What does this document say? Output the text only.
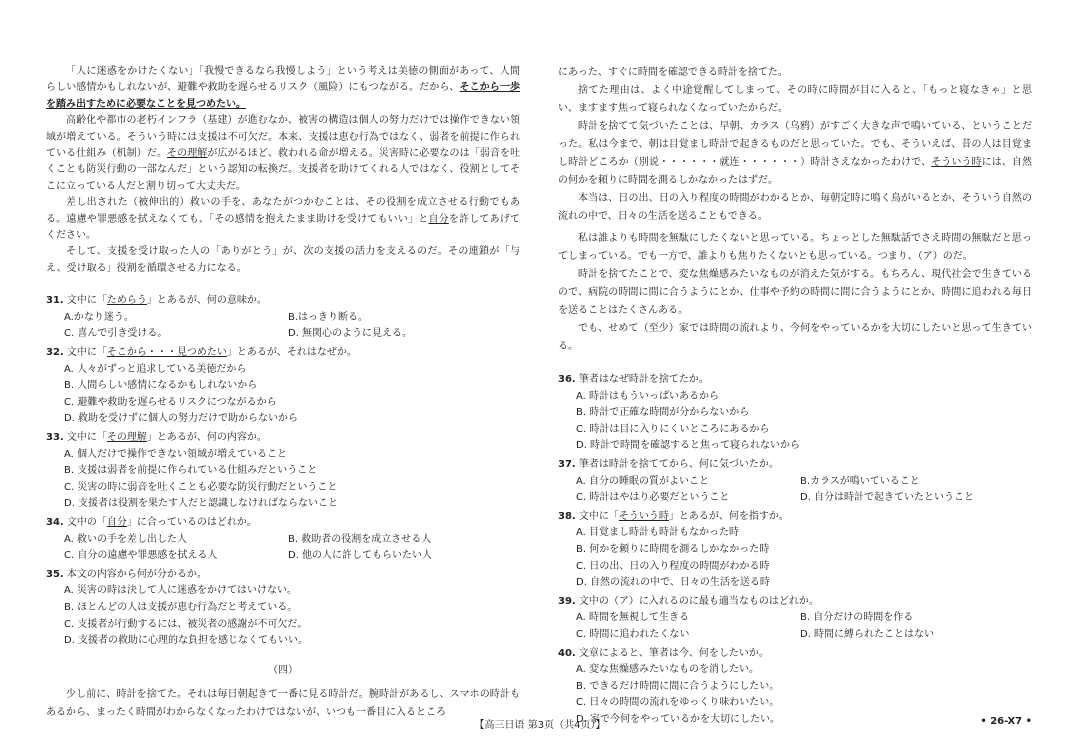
「人に迷惑をかけたくない」「我慢できるなら我慢しよう」という考えは美徳の側面があって、人間らしい感情かもしれないが、避難や救助を遅らせるリスク（風险）にもつながる。だから、そこから一歩を踏み出すために必要なことを見つめたい。

高齢化や都市の老朽インフラ（基建）が進むなか、被害の構造は個人の努力だけでは操作できない領域が増えている。そういう時には支援は不可欠だ。本来、支援は恵む行為ではなく、弱者を前提に作られている仕組み（机制）だ。その理解が広がるほど、救われる命が増える。災害時に必要なのは「弱音を吐くことも防災行動の一部なんだ」という認知の転換だ。支援者を助けてくれる人ではなく、役割としてそこに立っている人だと割り切って大丈夫だ。

差し出された（被伸出的）救いの手を、あなたがつかむことは、その役割を成立させる行動でもある。遠慮や罪悪感を拭えなくても、「その感情を抱えたまま助けを受けてもいい」と自分を許してあげてください。

そして、支援を受け取った人の「ありがとう」が、次の支援の活力を支えるのだ。その連鎖が「与え、受け取る」役割を循環させる力になる。

31. 文中に「ためらう」とあるが、何の意味か。
A.かなり迷う。	B.はっきり断る。
C. 喜んで引き受ける。	D. 無関心のように見える。
32. 文中に「そこから・・・見つめたい」とあるが、それはなぜか。
A. 人々がずっと追求している美徳だから
B. 人間らしい感情になるかもしれないから
C. 避難や救助を遅らせるリスクにつながるから
D. 救助を受けずに個人の努力だけで助からないから
33. 文中に「その理解」とあるが、何の内容か。
A. 個人だけで操作できない領域が増えていること
B. 支援は弱者を前提に作られている仕組みだということ
C. 災害の時に弱音を吐くことも必要な防災行動だということ
D. 支援者は役割を果たす人だと認識しなければならないこと
34. 文中の「自分」に合っているのはどれか。
A. 救いの手を差し出した人	B. 救助者の役割を成立させる人
C. 自分の遠慮や罪悪感を拭える人	D. 他の人に許してもらいたい人
35. 本文の内容から何が分かるか。
A. 災害の時は決して人に迷惑をかけてはいけない。
B. ほとんどの人は支援が恵む行為だと考えている。
C. 支援者が行動するには、被災者の感謝が不可欠だ。
D. 支援者の救助に心理的な負担を感じなくてもいい。
（四）

少し前に、時計を捨てた。それは毎日朝起きて一番に見る時計だ。腕時計があるし、スマホの時計もあるから、まったく時間がわからなくなったわけではないが、いつも一番目に入るところ

にあった、すぐに時間を確認できる時計を捨てた。

捨てた理由は、よく中途覚醒してしまって、その時に時間が目に入ると、「もっと寝なきゃ」と思い、ますます焦って寝られなくなっていたからだ。

時計を捨てて気づいたことは、早朝、カラス（乌鸦）がすごく大きな声で鳴いている、ということだった。私は今まで、朝は目覚まし時計で起きるものだと思っていた。でも、そういえば、昔の人は目覚まし時計どころか（別说・・・・・・就连・・・・・・）時計さえなかったわけで、そういう時には、自然の何かを頼りに時間を測るしかなかったはずだ。

本当は、日の出、日の入り程度の時間がわかるとか、毎朝定時に鳴く鳥がいるとか、そういう自然の流れの中で、日々の生活を送ることもできる。

私は誰よりも時間を無駄にしたくないと思っている。ちょっとした無駄話でさえ時間の無駄だと思ってしまっている。でも一方で、誰よりも焦りたくないとも思っている。つまり、（ア）のだ。

時計を捨てたことで、変な焦燥感みたいなものが消えた気がする。もちろん、現代社会で生きているので、病院の時間に間に合うようにとか、仕事や予約の時間に間に合うようにとか、時間に追われる毎日を送ることはたくさんある。

でも、せめて（至少）家では時間の流れより、今何をやっているかを大切にしたいと思って生きている。

36. 筆者はなぜ時計を捨てたか。
A. 時計はもういっぱいあるから
B. 時計で正確な時間が分からないから
C. 時計は目に入りにくいところにあるから
D. 時計で時間を確認すると焦って寝られないから
37. 筆者は時計を捨ててから、何に気づいたか。
A. 自分の睡眠の質がよいこと	B.カラスが鳴いていること
C. 時計はやはり必要だということ	D. 自分は時計で起きていたということ
38. 文中に「そういう時」とあるが、何を指すか。
A. 目覚まし時計も時計もなかった時
B. 何かを頼りに時間を測るしかなかった時
C. 日の出、日の入り程度の時間がわかる時
D. 自然の流れの中で、日々の生活を送る時
39. 文中の（ア）に入れるのに最も適当なものはどれか。
A. 時間を無視して生きる	B. 自分だけの時間を作る
C. 時間に追われたくない	D. 時間に縛られたことはない
40. 文章によると、筆者は今、何をしたいか。
A. 変な焦燥感みたいなものを消したい。
B. できるだけ時間に間に合うようにしたい。
C. 日々の時間の流れをゆっくり味わいたい。
D. 家で今何をやっているかを大切にしたい。
【高三日语 第3页（共4页）】	• 26-X7 •
